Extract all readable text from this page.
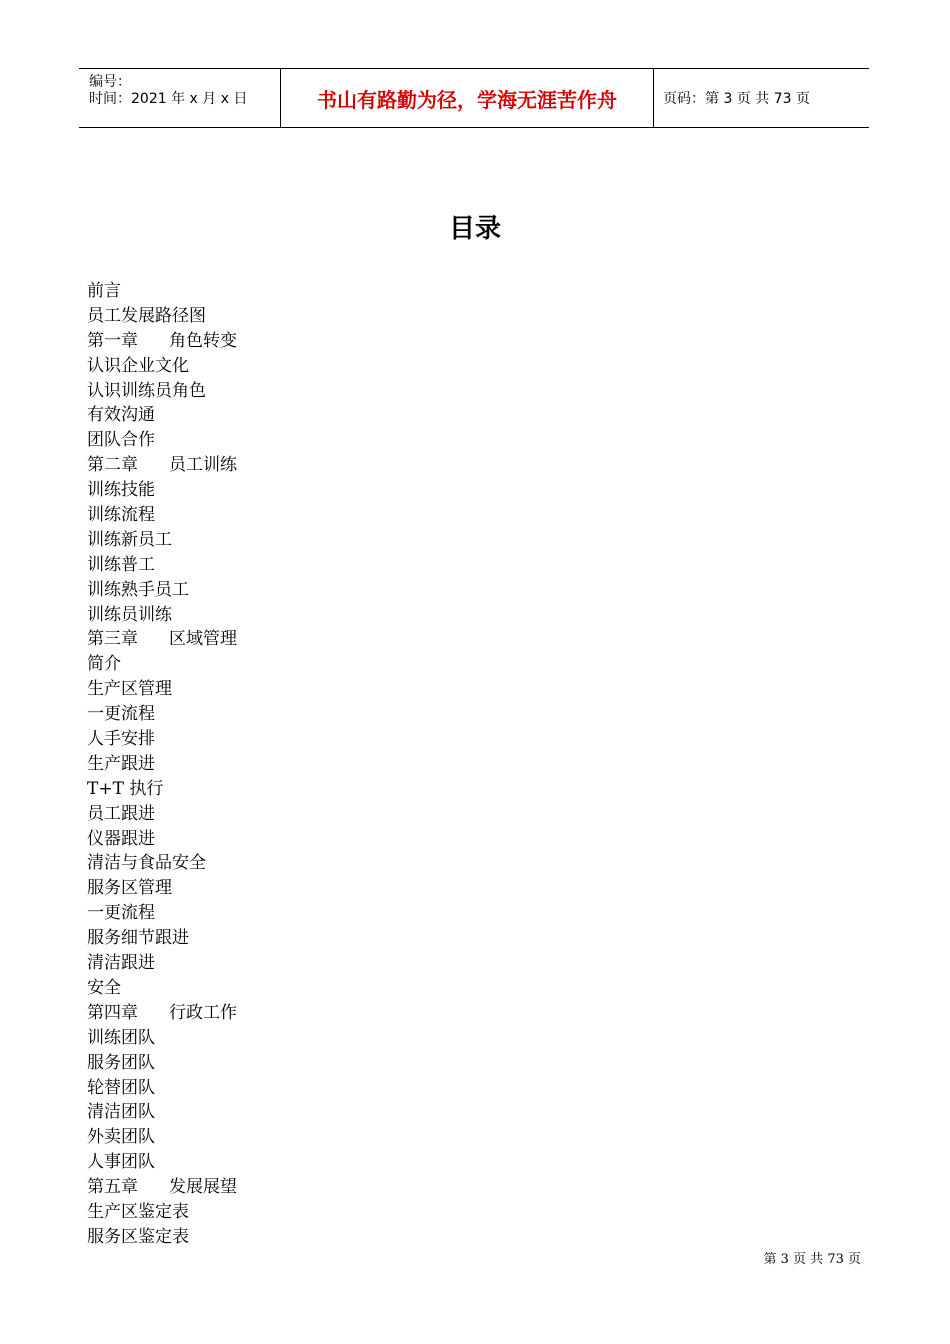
编号：
时间：2021 年 x 月 x 日	书山有路勤为径，学海无涯苦作舟	页码：第 3 页 共 73 页
目录
前言
员工发展路径图
第一章 角色转变
认识企业文化
认识训练员角色
有效沟通
团队合作
第二章 员工训练
训练技能
训练流程
训练新员工
训练普工
训练熟手员工
训练员训练
第三章 区域管理
简介
生产区管理
一更流程
人手安排
生产跟进
T+T 执行
员工跟进
仪器跟进
清洁与食品安全
服务区管理
一更流程
服务细节跟进
清洁跟进
安全
第四章 行政工作
训练团队
服务团队
轮替团队
清洁团队
外卖团队
人事团队
第五章 发展展望
生产区鉴定表
服务区鉴定表
第 3 页 共 73 页
